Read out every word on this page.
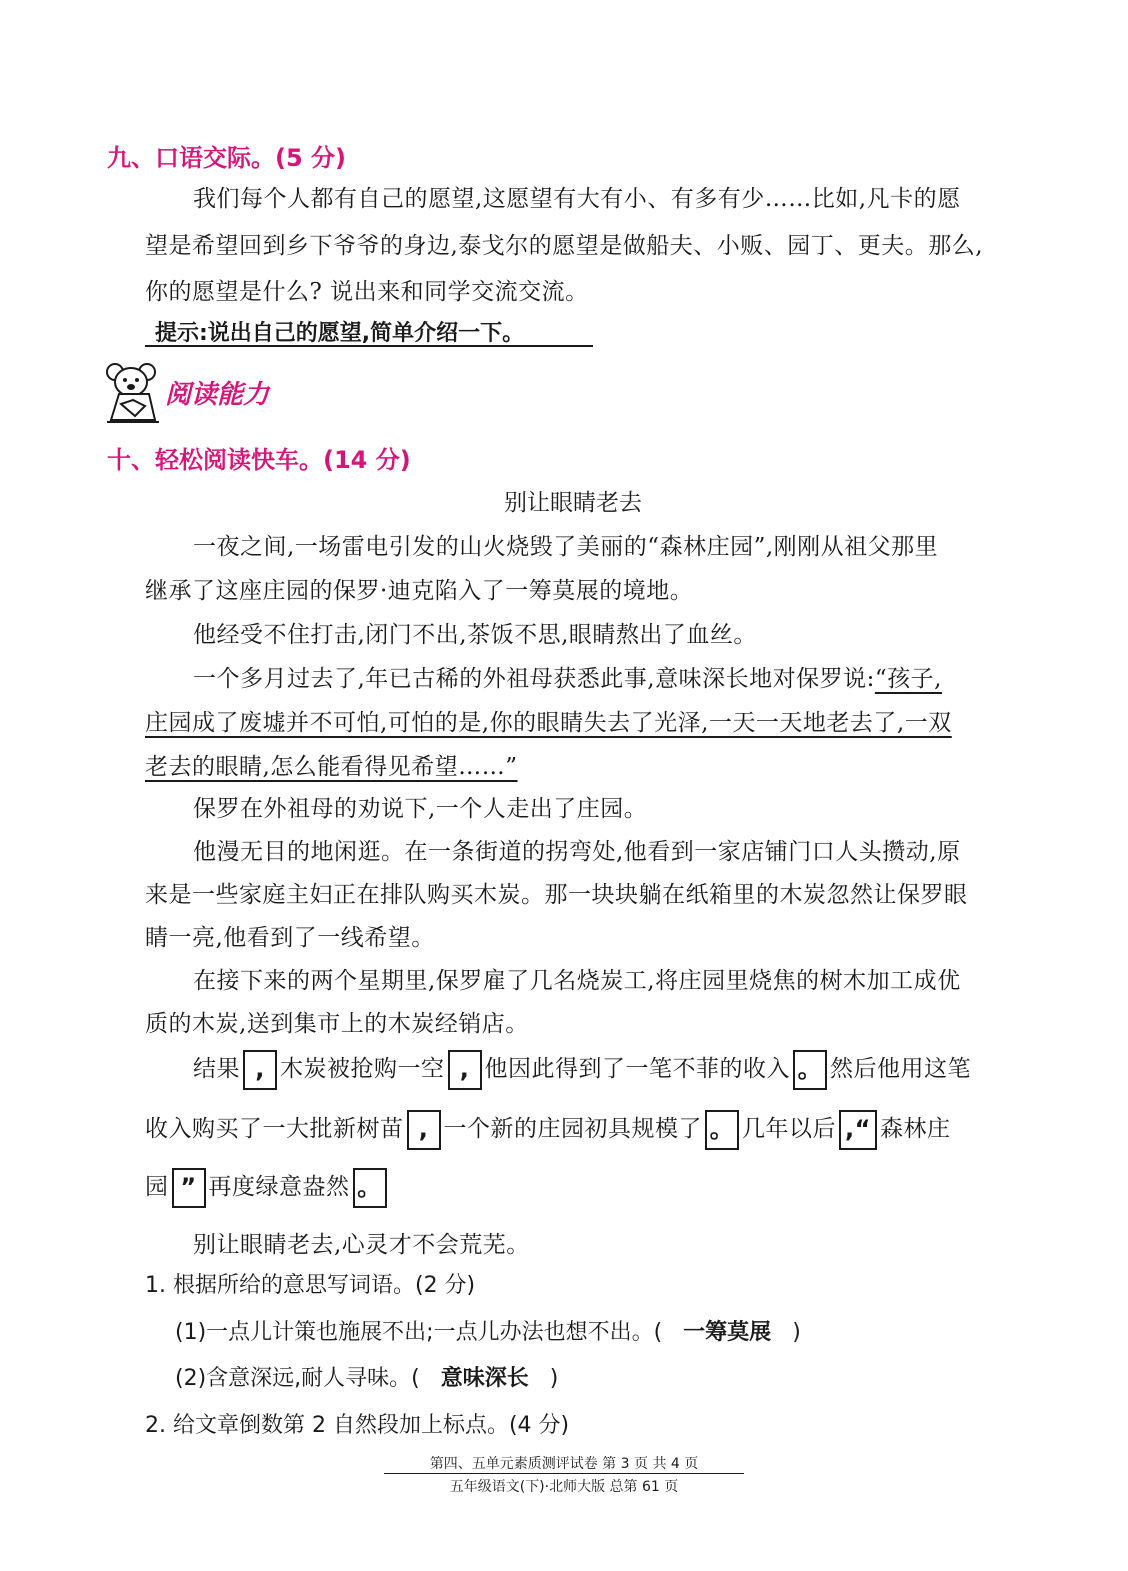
九、口语交际。(5 分)
我们每个人都有自己的愿望,这愿望有大有小、有多有少……比如,凡卡的愿
望是希望回到乡下爷爷的身边,泰戈尔的愿望是做船夫、小贩、园丁、更夫。那么,
你的愿望是什么? 说出来和同学交流交流。
提示:说出自己的愿望,简单介绍一下。
阅读能力
十、轻松阅读快车。(14 分)
别让眼睛老去
一夜之间,一场雷电引发的山火烧毁了美丽的“森林庄园”,刚刚从祖父那里
继承了这座庄园的保罗·迪克陷入了一筹莫展的境地。
他经受不住打击,闭门不出,茶饭不思,眼睛熬出了血丝。
一个多月过去了,年已古稀的外祖母获悉此事,意味深长地对保罗说:“孩子,
庄园成了废墟并不可怕,可怕的是,你的眼睛失去了光泽,一天一天地老去了,一双
老去的眼睛,怎么能看得见希望……”
保罗在外祖母的劝说下,一个人走出了庄园。
他漫无目的地闲逛。在一条街道的拐弯处,他看到一家店铺门口人头攒动,原
来是一些家庭主妇正在排队购买木炭。那一块块躺在纸箱里的木炭忽然让保罗眼
睛一亮,他看到了一线希望。
在接下来的两个星期里,保罗雇了几名烧炭工,将庄园里烧焦的树木加工成优
质的木炭,送到集市上的木炭经销店。
结果 , 木炭被抢购一空 , 他因此得到了一笔不菲的收入 。 然后他用这笔
收入购买了一大批新树苗 , 一个新的庄园初具规模了 。 几年以后 ,“ 森林庄
园 ” 再度绿意盎然 。
别让眼睛老去,心灵才不会荒芜。
1. 根据所给的意思写词语。(2 分)
(1)一点儿计策也施展不出;一点儿办法也想不出。( 一筹莫展 )
(2)含意深远,耐人寻味。( 意味深长 )
2. 给文章倒数第 2 自然段加上标点。(4 分)
第四、五单元素质测评试卷 第 3 页 共 4 页
五年级语文(下)·北师大版 总第 61 页
